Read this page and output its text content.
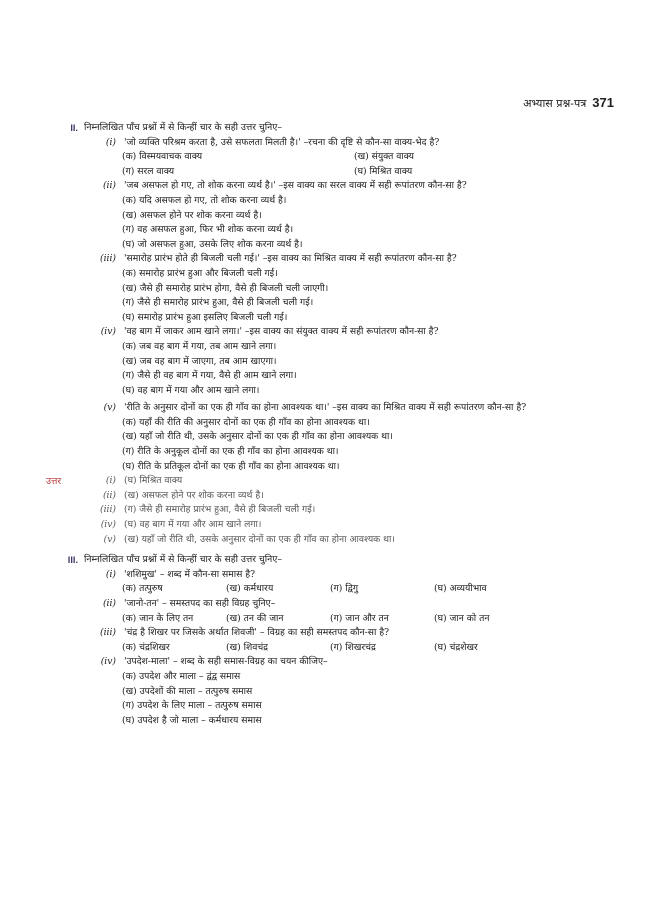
अभ्यास प्रश्न-पत्र 371
II. निम्नलिखित पाँच प्रश्नों में से किन्हीं चार के सही उत्तर चुनिए–
(i) 'जो व्यक्ति परिश्रम करता है, उसे सफलता मिलती है।' –रचना की दृष्टि से कौन-सा वाक्य-भेद है?
(क) विस्मयवाचक वाक्य	(ख) संयुक्त वाक्य
(ग) सरल वाक्य	(घ) मिश्रित वाक्य
(ii) 'जब असफल हो गए, तो शोक करना व्यर्थ है।' –इस वाक्य का सरल वाक्य में सही रूपांतरण कौन-सा है?
(क) यदि असफल हो गए, तो शोक करना व्यर्थ है।
(ख) असफल होने पर शोक करना व्यर्थ है।
(ग) वह असफल हुआ, फिर भी शोक करना व्यर्थ है।
(घ) जो असफल हुआ, उसके लिए शोक करना व्यर्थ है।
(iii) 'समारोह प्रारंभ होते ही बिजली चली गई।' –इस वाक्य का मिश्रित वाक्य में सही रूपांतरण कौन-सा है?
(क) समारोह प्रारंभ हुआ और बिजली चली गई।
(ख) जैसे ही समारोह प्रारंभ होगा, वैसे ही बिजली चली जाएगी।
(ग) जैसे ही समारोह प्रारंभ हुआ, वैसे ही बिजली चली गई।
(घ) समारोह प्रारंभ हुआ इसलिए बिजली चली गई।
(iv) 'वह बाग में जाकर आम खाने लगा।' –इस वाक्य का संयुक्त वाक्य में सही रूपांतरण कौन-सा है?
(क) जब वह बाग में गया, तब आम खाने लगा।
(ख) जब वह बाग में जाएगा, तब आम खाएगा।
(ग) जैसे ही वह बाग में गया, वैसे ही आम खाने लगा।
(घ) वह बाग में गया और आम खाने लगा।
(v) 'रीति के अनुसार दोनों का एक ही गाँव का होना आवश्यक था।' –इस वाक्य का मिश्रित वाक्य में सही रूपांतरण कौन-सा है?
(क) यहाँ की रीति की अनुसार दोनों का एक ही गाँव का होना आवश्यक था।
(ख) यहाँ जो रीति थी, उसके अनुसार दोनों का एक ही गाँव का होना आवश्यक था।
(ग) रीति के अनुकूल दोनों का एक ही गाँव का होना आवश्यक था।
(घ) रीति के प्रतिकूल दोनों का एक ही गाँव का होना आवश्यक था।
उत्तर	(i) (घ) मिश्रित वाक्य
(ii) (ख) असफल होने पर शोक करना व्यर्थ है।
(iii) (ग) जैसे ही समारोह प्रारंभ हुआ, वैसे ही बिजली चली गई।
(iv) (घ) वह बाग में गया और आम खाने लगा।
(v) (ख) यहाँ जो रीति थी, उसके अनुसार दोनों का एक ही गाँव का होना आवश्यक था।
III. निम्नलिखित पाँच प्रश्नों में से किन्हीं चार के सही उत्तर चुनिए–
(i) 'शशिमुख' – शब्द में कौन-सा समास है?
(क) तत्पुरुष	(ख) कर्मधारय	(ग) द्विगु	(घ) अव्ययीभाव
(ii) 'जानो-तन' – समस्तपद का सही विग्रह चुनिए–
(क) जान के लिए तन	(ख) तन की जान	(ग) जान और तन	(घ) जान को तन
(iii) 'चंद्र है शिखर पर जिसके अर्थात शिवजी' – विग्रह का सही समस्तपद कौन-सा है?
(क) चंद्रशिखर	(ख) शिवचंद्र	(ग) शिखरचंद्र	(घ) चंद्रशेखर
(iv) 'उपदेश-माला' – शब्द के सही समास-विग्रह का चयन कीजिए–
(क) उपदेश और माला – द्वंद्व समास
(ख) उपदेशों की माला – तत्पुरुष समास
(ग) उपदेश के लिए माला – तत्पुरुष समास
(घ) उपदेश है जो माला – कर्मधारय समास
